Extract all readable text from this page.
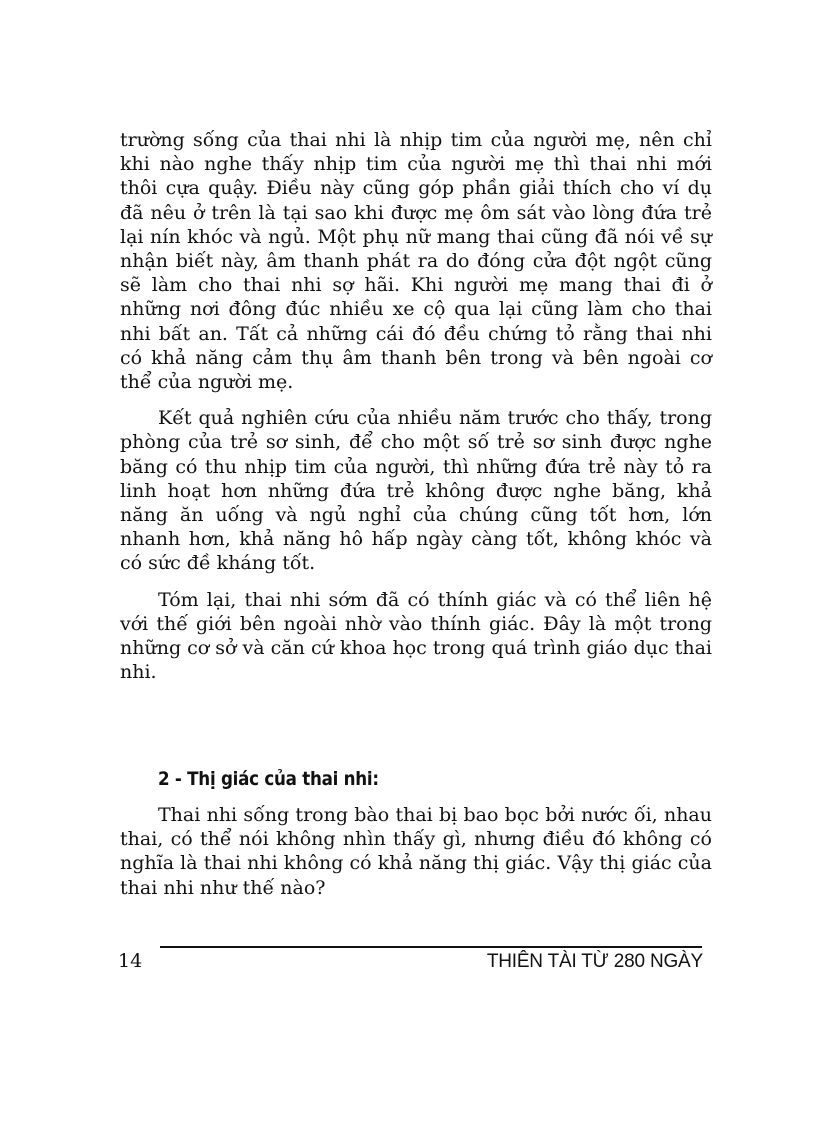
trường sống của thai nhi là nhịp tim của người mẹ, nên chỉ khi nào nghe thấy nhịp tim của người mẹ thì thai nhi mới thôi cựa quậy. Điều này cũng góp phần giải thích cho ví dụ đã nêu ở trên là tại sao khi được mẹ ôm sát vào lòng đứa trẻ lại nín khóc và ngủ. Một phụ nữ mang thai cũng đã nói về sự nhận biết này, âm thanh phát ra do đóng cửa đột ngột cũng sẽ làm cho thai nhi sợ hãi. Khi người mẹ mang thai đi ở những nơi đông đúc nhiều xe cộ qua lại cũng làm cho thai nhi bất an. Tất cả những cái đó đều chứng tỏ rằng thai nhi có khả năng cảm thụ âm thanh bên trong và bên ngoài cơ thể của người mẹ.

Kết quả nghiên cứu của nhiều năm trước cho thấy, trong phòng của trẻ sơ sinh, để cho một số trẻ sơ sinh được nghe băng có thu nhịp tim của người, thì những đứa trẻ này tỏ ra linh hoạt hơn những đứa trẻ không được nghe băng, khả năng ăn uống và ngủ nghỉ của chúng cũng tốt hơn, lớn nhanh hơn, khả năng hô hấp ngày càng tốt, không khóc và có sức đề kháng tốt.

Tóm lại, thai nhi sớm đã có thính giác và có thể liên hệ với thế giới bên ngoài nhờ vào thính giác. Đây là một trong những cơ sở và căn cứ khoa học trong quá trình giáo dục thai nhi.

2 - Thị giác của thai nhi:

Thai nhi sống trong bào thai bị bao bọc bởi nước ối, nhau thai, có thể nói không nhìn thấy gì, nhưng điều đó không có nghĩa là thai nhi không có khả năng thị giác. Vậy thị giác của thai nhi như thế nào?

14	THIÊN TÀI TỪ 280 NGÀY
